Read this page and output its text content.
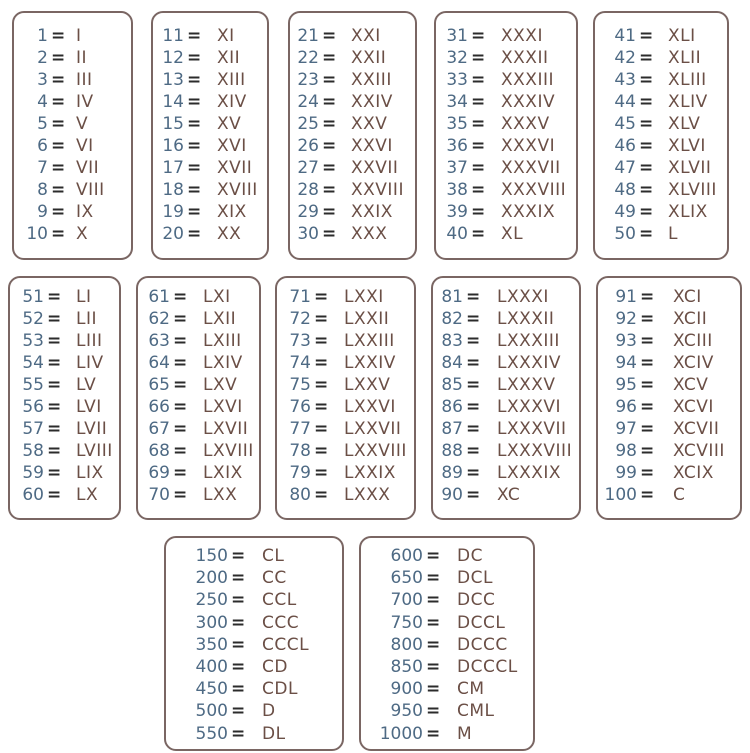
1 = I
2 = II
3 = III
4 = IV
5 = V
6 = VI
7 = VII
8 = VIII
9 = IX
10 = X
11 = XI
12 = XII
13 = XIII
14 = XIV
15 = XV
16 = XVI
17 = XVII
18 = XVIII
19 = XIX
20 = XX
21 = XXI
22 = XXII
23 = XXIII
24 = XXIV
25 = XXV
26 = XXVI
27 = XXVII
28 = XXVIII
29 = XXIX
30 = XXX
31 = XXXI
32 = XXXII
33 = XXXIII
34 = XXXIV
35 = XXXV
36 = XXXVI
37 = XXXVII
38 = XXXVIII
39 = XXXIX
40 = XL
41 = XLI
42 = XLII
43 = XLIII
44 = XLIV
45 = XLV
46 = XLVI
47 = XLVII
48 = XLVIII
49 = XLIX
50 = L
51 = LI
52 = LII
53 = LIII
54 = LIV
55 = LV
56 = LVI
57 = LVII
58 = LVIII
59 = LIX
60 = LX
61 = LXI
62 = LXII
63 = LXIII
64 = LXIV
65 = LXV
66 = LXVI
67 = LXVII
68 = LXVIII
69 = LXIX
70 = LXX
71 = LXXI
72 = LXXII
73 = LXXIII
74 = LXXIV
75 = LXXV
76 = LXXVI
77 = LXXVII
78 = LXXVIII
79 = LXXIX
80 = LXXX
81 = LXXXI
82 = LXXXII
83 = LXXXIII
84 = LXXXIV
85 = LXXXV
86 = LXXXVI
87 = LXXXVII
88 = LXXXVIII
89 = LXXXIX
90 = XC
91 = XCI
92 = XCII
93 = XCIII
94 = XCIV
95 = XCV
96 = XCVI
97 = XCVII
98 = XCVIII
99 = XCIX
100 = C
150 = CL
200 = CC
250 = CCL
300 = CCC
350 = CCCL
400 = CD
450 = CDL
500 = D
550 = DL
600 = DC
650 = DCL
700 = DCC
750 = DCCL
800 = DCCC
850 = DCCCL
900 = CM
950 = CML
1000 = M
